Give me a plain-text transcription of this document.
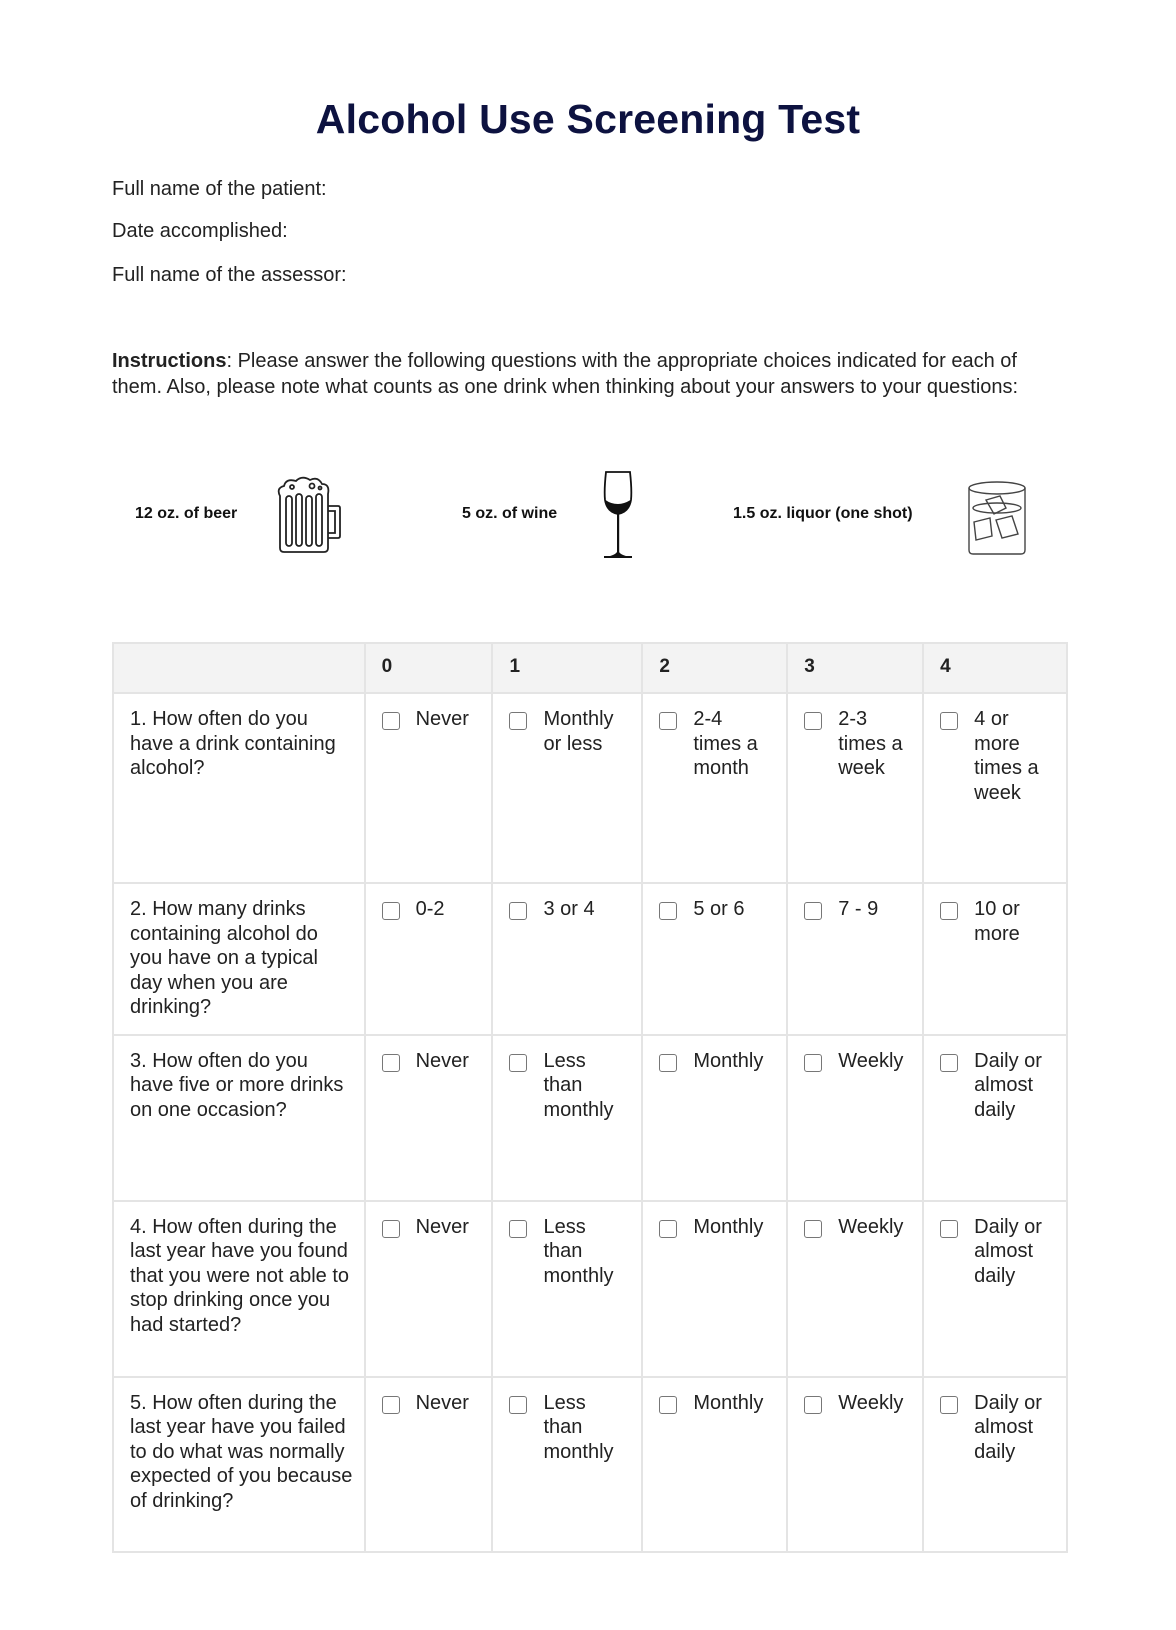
Alcohol Use Screening Test
Full name of the patient:
Date accomplished:
Full name of the assessor:

Instructions: Please answer the following questions with the appropriate choices indicated for each of them. Also, please note what counts as one drink when thinking about your answers to your questions:

12 oz. of beer	5 oz. of wine	1.5 oz. liquor (one shot)
	0	1	2	3	4
1. How often do you have a drink containing alcohol?	Never	Monthly or less	2-4 times a month	2-3 times a week	4 or more times a week

2. How many drinks containing alcohol do you have on a typical day when you are drinking?	0-2	3 or 4	5 or 6	7 - 9	10 or more

3. How often do you have five or more drinks on one occasion?	Never	Less than monthly	Monthly	Weekly	Daily or almost daily

4. How often during the last year have you found that you were not able to stop drinking once you had started?	Never	Less than monthly	Monthly	Weekly	Daily or almost daily

5. How often during the last year have you failed to do what was normally expected of you because of drinking?	Never	Less than monthly	Monthly	Weekly	Daily or almost daily
